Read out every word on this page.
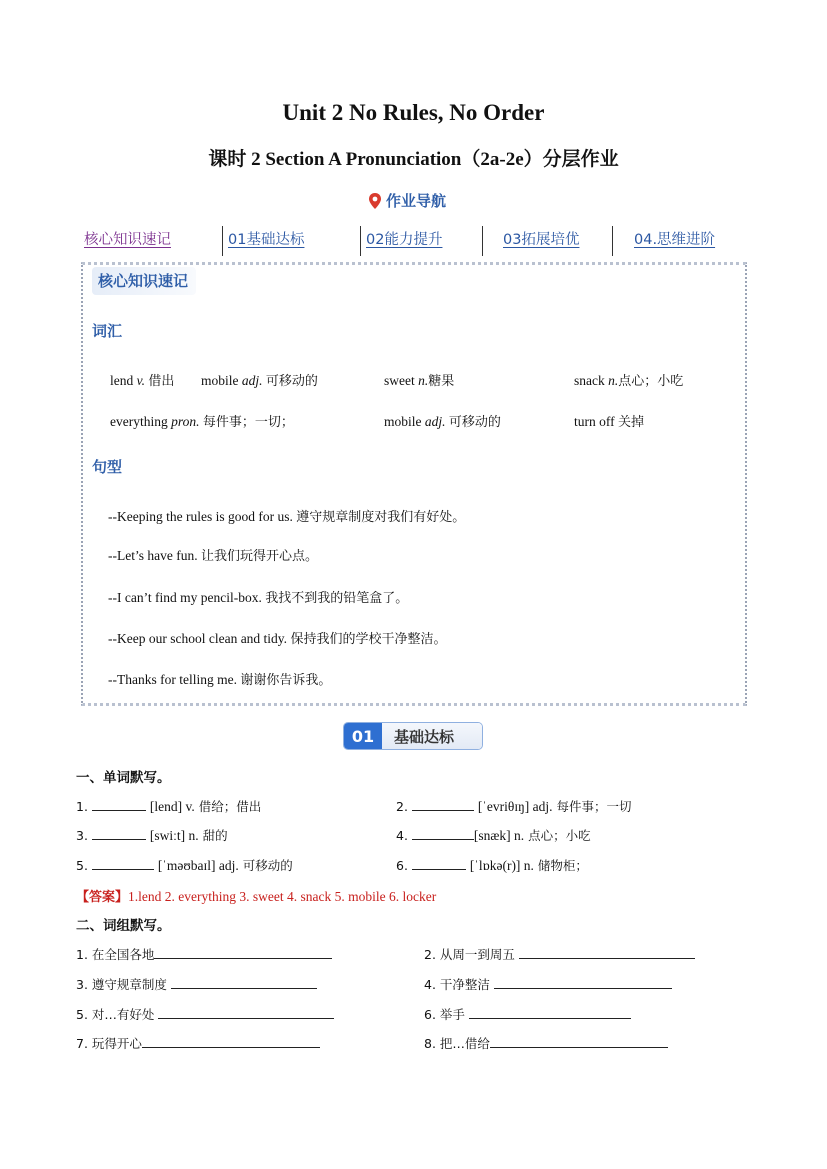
Unit 2 No Rules, No Order
课时 2 Section A Pronunciation（2a-2e）分层作业
作业导航
核心知识速记	01基础达标	02能力提升	03拓展培优	04.思维进阶
核心知识速记
词汇
lend v. 借出 mobile adj. 可移动的	sweet n.糖果	snack n.点心；小吃
everything pron. 每件事；一切；	mobile adj. 可移动的	turn off 关掉
句型
--Keeping the rules is good for us. 遵守规章制度对我们有好处。
--Let’s have fun. 让我们玩得开心点。
--I can’t find my pencil-box. 我找不到我的铅笔盒了。
--Keep our school clean and tidy. 保持我们的学校干净整洁。
--Thanks for telling me. 谢谢你告诉我。
01	基础达标
一、单词默写。
1.	[lend] v. 借给；借出	2.	[ˈevriθɪŋ] adj. 每件事；一切
3.	[swiːt] n. 甜的	4.	[snæk] n. 点心；小吃
5.	[ˈməʊbaɪl] adj. 可移动的	6.	[ˈlɒkə(r)] n. 储物柜；
【答案】1.lend 2. everything 3. sweet 4. snack 5. mobile 6. locker
二、词组默写。
1. 在全国各地	2. 从周一到周五
3. 遵守规章制度	4. 干净整洁
5. 对…有好处	6. 举手
7. 玩得开心	8. 把…借给
